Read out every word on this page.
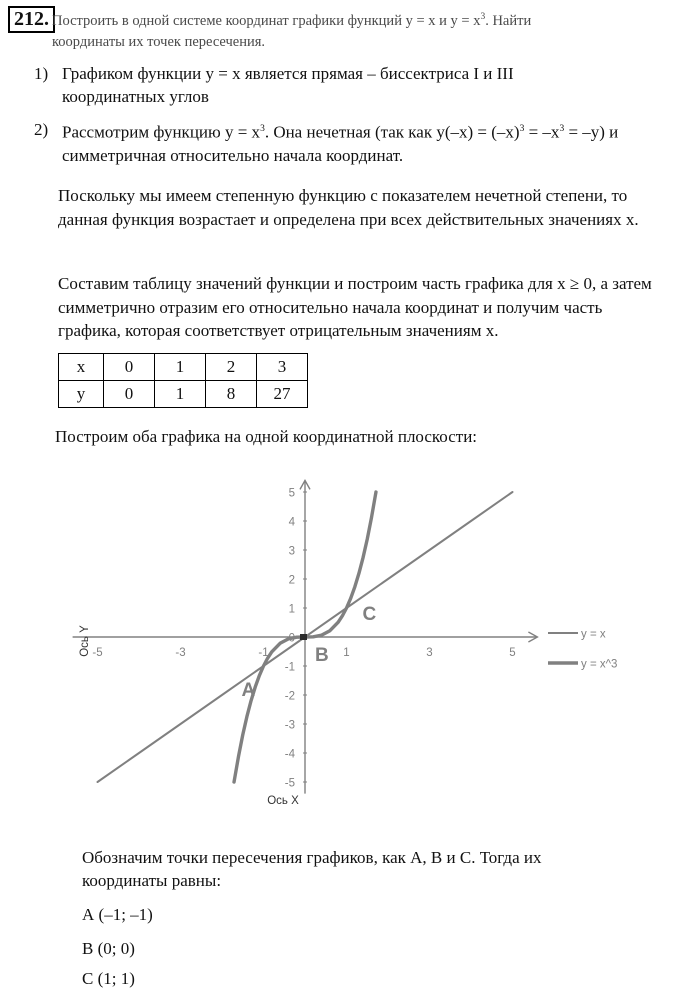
212. Построить в одной системе координат графики функций y = x и $y = x^3$. Найти
координаты их точек пересечения.
1) Графиком функции y = x является прямая – биссектриса I и III координатных углов
2) Рассмотрим функцию $y = x^3$. Она нечетная (так как $y(-x) = (-x)^3 = -x^3 = -y$) и симметричная относительно начала координат.
Поскольку мы имеем степенную функцию с показателем нечетной степени, то данная функция возрастает и определена при всех действительных значениях x.
Составим таблицу значений функции и построим часть графика для x ≥ 0, а затем симметрично отразим его относительно начала координат и получим часть графика, которая соответствует отрицательным значениям x.
Построим оба графика на одной координатной плоскости:
x	0	1	2	3
y	0	1	8	27
-5	-3	-1	1	3	5
5
4
3
2
1
0
-1
-2
-3
-4
-5
A
B
C
Ось Y
Ось X
y = x
y = x^3
Обозначим точки пересечения графиков, как А, В и С. Тогда их
координаты равны:
А (–1; –1)
В (0; 0)
С (1; 1)
